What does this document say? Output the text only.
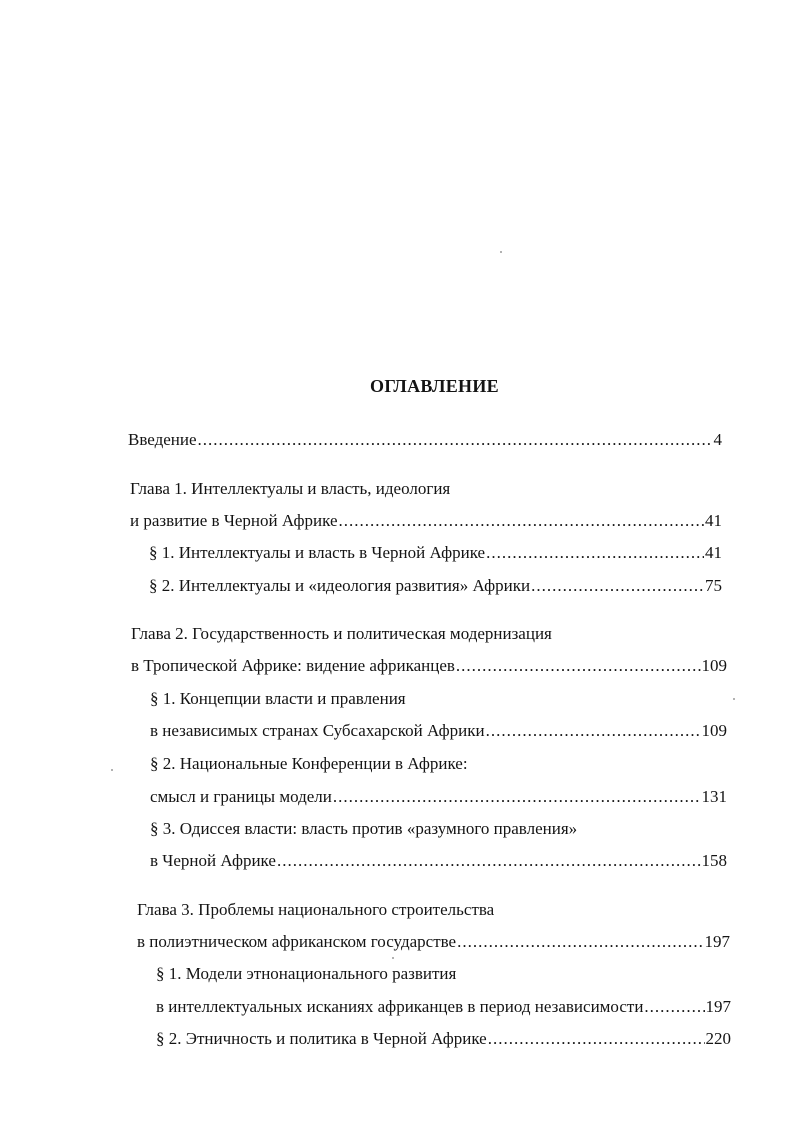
ОГЛАВЛЕНИЕ
Введение .....	4
Глава 1. Интеллектуалы и власть, идеология
и развитие в Черной Африке .....	41
§ 1. Интеллектуалы и власть в Черной Африке .....	41
§ 2. Интеллектуалы и «идеология развития» Африки .....	75
Глава 2. Государственность и политическая модернизация
в Тропической Африке: видение африканцев .....	109
§ 1. Концепции власти и правления
в независимых странах Субсахарской Африки .....	109
§ 2. Национальные Конференции в Африке:
смысл и границы модели .....	131
§ 3. Одиссея власти: власть против «разумного правления»
в Черной Африке .....	158
Глава 3. Проблемы национального строительства
в полиэтническом африканском государстве .....	197
§ 1. Модели этнонационального развития
в интеллектуальных исканиях африканцев в период независимости .....	197
§ 2. Этничность и политика в Черной Африке .....	220
